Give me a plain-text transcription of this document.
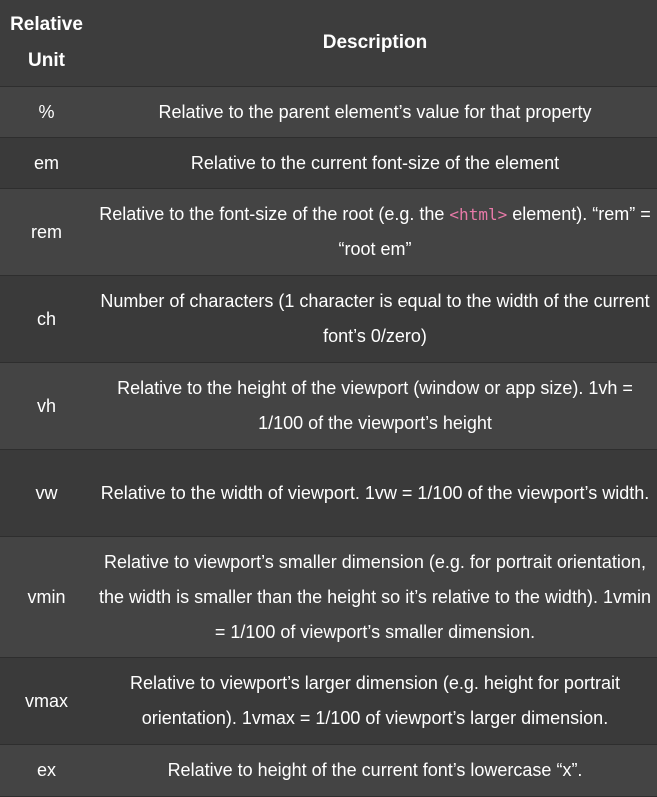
Relative Unit	Description
%	Relative to the parent element’s value for that property
em	Relative to the current font-size of the element
rem	Relative to the font-size of the root (e.g. the <html> element). “rem” = “root em”
ch	Number of characters (1 character is equal to the width of the current font’s 0/zero)
vh	Relative to the height of the viewport (window or app size). 1vh = 1/100 of the viewport’s height
vw	Relative to the width of viewport. 1vw = 1/100 of the viewport’s width.
vmin	Relative to viewport’s smaller dimension (e.g. for portrait orientation, the width is smaller than the height so it’s relative to the width). 1vmin = 1/100 of viewport’s smaller dimension.
vmax	Relative to viewport’s larger dimension (e.g. height for portrait orientation). 1vmax = 1/100 of viewport’s larger dimension.
ex	Relative to height of the current font’s lowercase “x”.
